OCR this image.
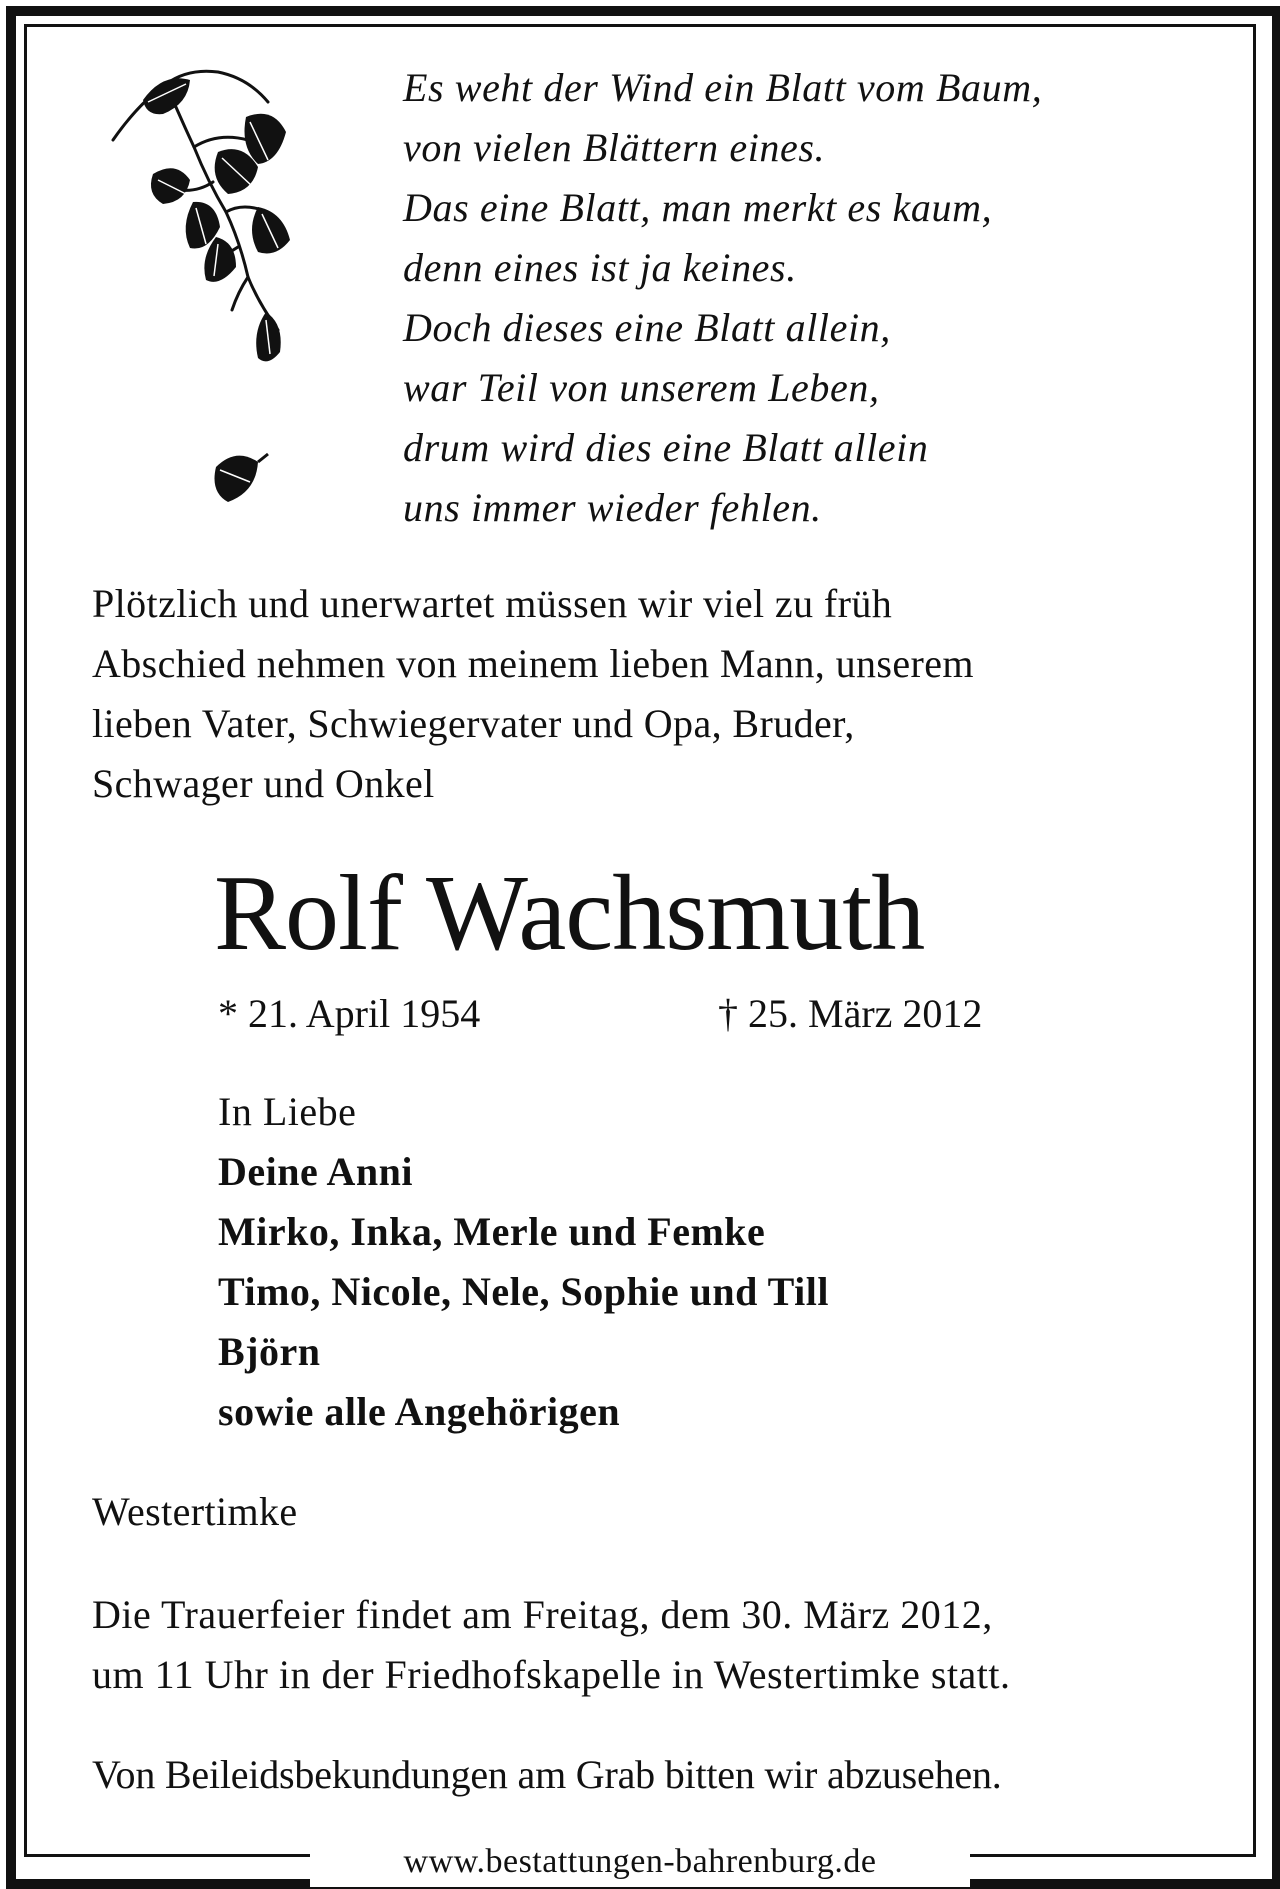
Es weht der Wind ein Blatt vom Baum,
von vielen Blättern eines.
Das eine Blatt, man merkt es kaum,
denn eines ist ja keines.
Doch dieses eine Blatt allein,
war Teil von unserem Leben,
drum wird dies eine Blatt allein
uns immer wieder fehlen.
Plötzlich und unerwartet müssen wir viel zu früh
Abschied nehmen von meinem lieben Mann, unserem
lieben Vater, Schwiegervater und Opa, Bruder,
Schwager und Onkel
Rolf Wachsmuth
* 21. April 1954	† 25. März 2012
In Liebe
Deine Anni
Mirko, Inka, Merle und Femke
Timo, Nicole, Nele, Sophie und Till
Björn
sowie alle Angehörigen
Westertimke
Die Trauerfeier findet am Freitag, dem 30. März 2012,
um 11 Uhr in der Friedhofskapelle in Westertimke statt.
Von Beileidsbekundungen am Grab bitten wir abzusehen.
www.bestattungen-bahrenburg.de
